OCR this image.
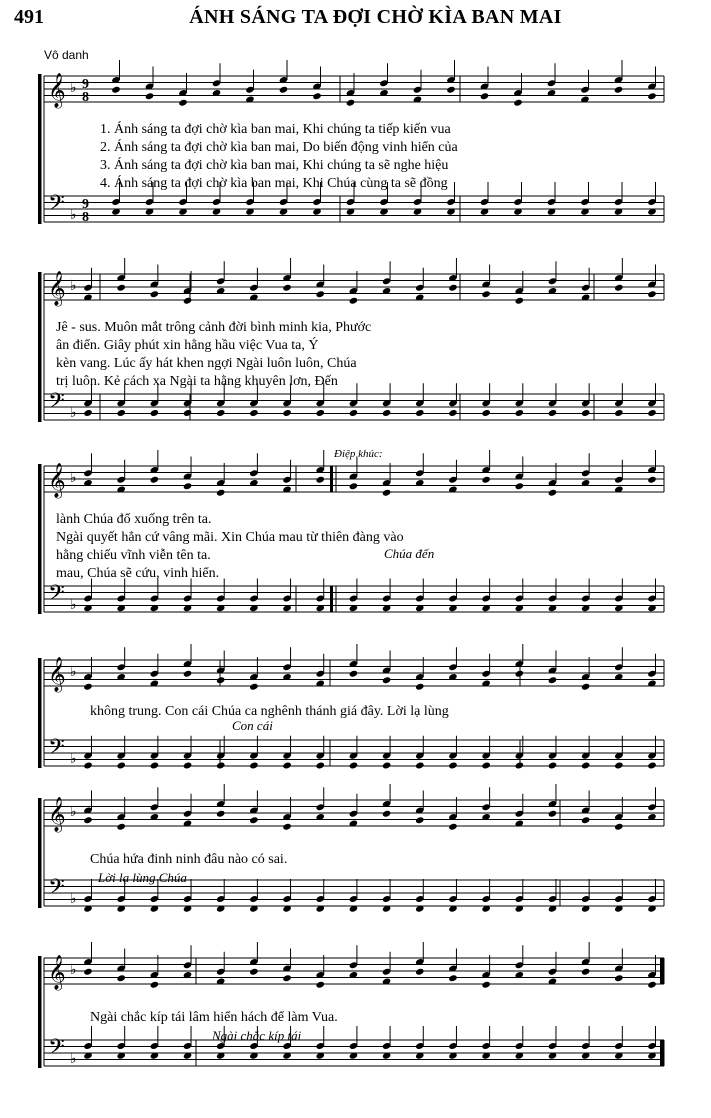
491	ÁNH SÁNG TA ĐỢI CHỜ KÌA BAN MAI
Vô danh
𝄞
𝄢
♭
♭
9
9
8
8
𝄞
𝄢
♭
♭
𝄞
𝄢
♭
♭
𝄞
𝄢
♭
♭
𝄞
𝄢
♭
♭
𝄞
𝄢
♭
♭
1. Ánh sáng ta đợi chờ kìa ban mai, Khi chúng ta tiếp kiến vua
2. Ánh sáng ta đợi chờ kìa ban mai, Do biến động vinh hiển của
3. Ánh sáng ta đợi chờ kìa ban mai, Khi chúng ta sẽ nghe hiệu
4. Ánh sáng ta đợi chờ kìa ban mai, Khi Chúa cùng ta sẽ đồng
Jê - sus. Muôn mắt trông cảnh đời bình minh kia, Phước
ân điển. Giây phút xin hằng hầu việc Vua ta, Ý
kèn vang. Lúc ấy hát khen ngợi Ngài luôn luôn, Chúa
trị luôn. Kẻ cách xa Ngài ta hằng khuyên lơn, Đến
Điệp khúc:
lành Chúa đổ xuống trên ta.
Ngài quyết hẳn cứ vâng mãi. Xin Chúa mau từ thiên đàng vào
hằng chiếu vĩnh viễn tên ta.
mau, Chúa sẽ cứu, vinh hiển.
Chúa đến
không trung. Con cái Chúa ca nghênh thánh giá đây. Lời lạ lùng
Con cái
Chúa hứa đinh ninh đâu nào có sai.
Lời lạ lùng Chúa
Ngài chắc kíp tái lâm hiển hách để làm Vua.
Ngài chắc kíp tái
